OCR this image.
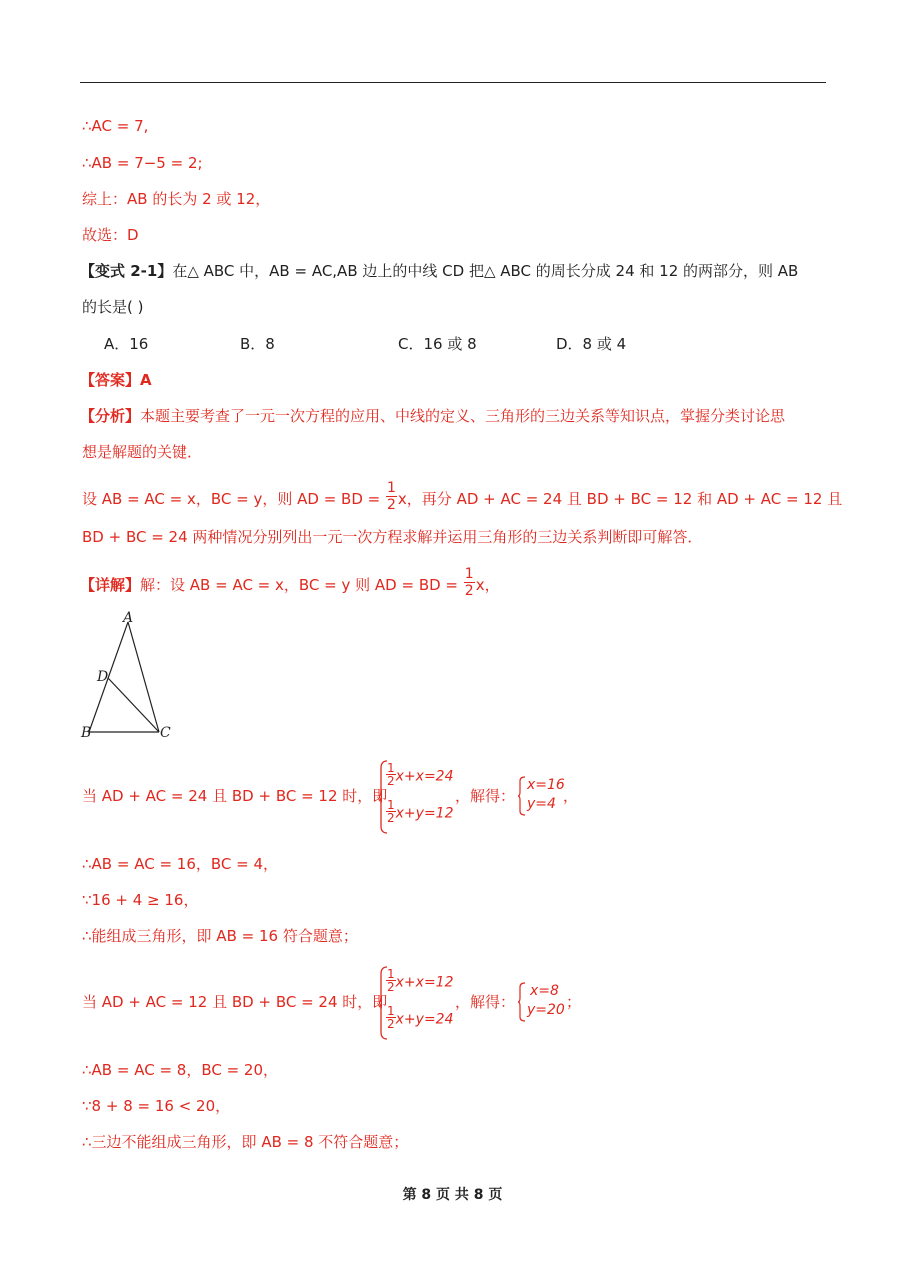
∴AC = 7,
∴AB = 7−5 = 2;
综上：AB 的长为 2 或 12，
故选：D
【变式 2-1】在△ ABC 中，AB = AC,AB 边上的中线 CD 把△ ABC 的周长分成 24 和 12 的两部分，则 AB
的长是( )
A．16	B．8	C．16 或 8	D．8 或 4
【答案】A
【分析】本题主要考查了一元一次方程的应用、中线的定义、三角形的三边关系等知识点，掌握分类讨论思
想是解题的关键．
设 AB = AC = x，BC = y，则 AD = BD = $\frac{1}{2}$ x，再分 AD + AC = 24 且 BD + BC = 12 和 AD + AC = 12 且
BD + BC = 24 两种情况分别列出一元一次方程求解并运用三角形的三边关系判断即可解答．
【详解】解：设 AB = AC = x，BC = y 则 AD = BD = $\frac{1}{2}$ x，
A
D
B	C
当 AD + AC = 24 且 BD + BC = 12 时，即
$\frac{1}{2} x+x=24$
$\frac{1}{2} x+y=12$
，解得：
x=16
y=4 ，
∴AB = AC = 16，BC = 4，
∵16 + 4 ≥ 16，
∴能组成三角形，即 AB = 16 符合题意；
当 AD + AC = 12 且 BD + BC = 24 时，即
$\frac{1}{2} x+x=12$
$\frac{1}{2} x+y=24$
，解得：
x=8
y=20 ；
∴AB = AC = 8，BC = 20，
∵8 + 8 = 16 < 20，
∴三边不能组成三角形，即 AB = 8 不符合题意；
第 8 页 共 8 页
